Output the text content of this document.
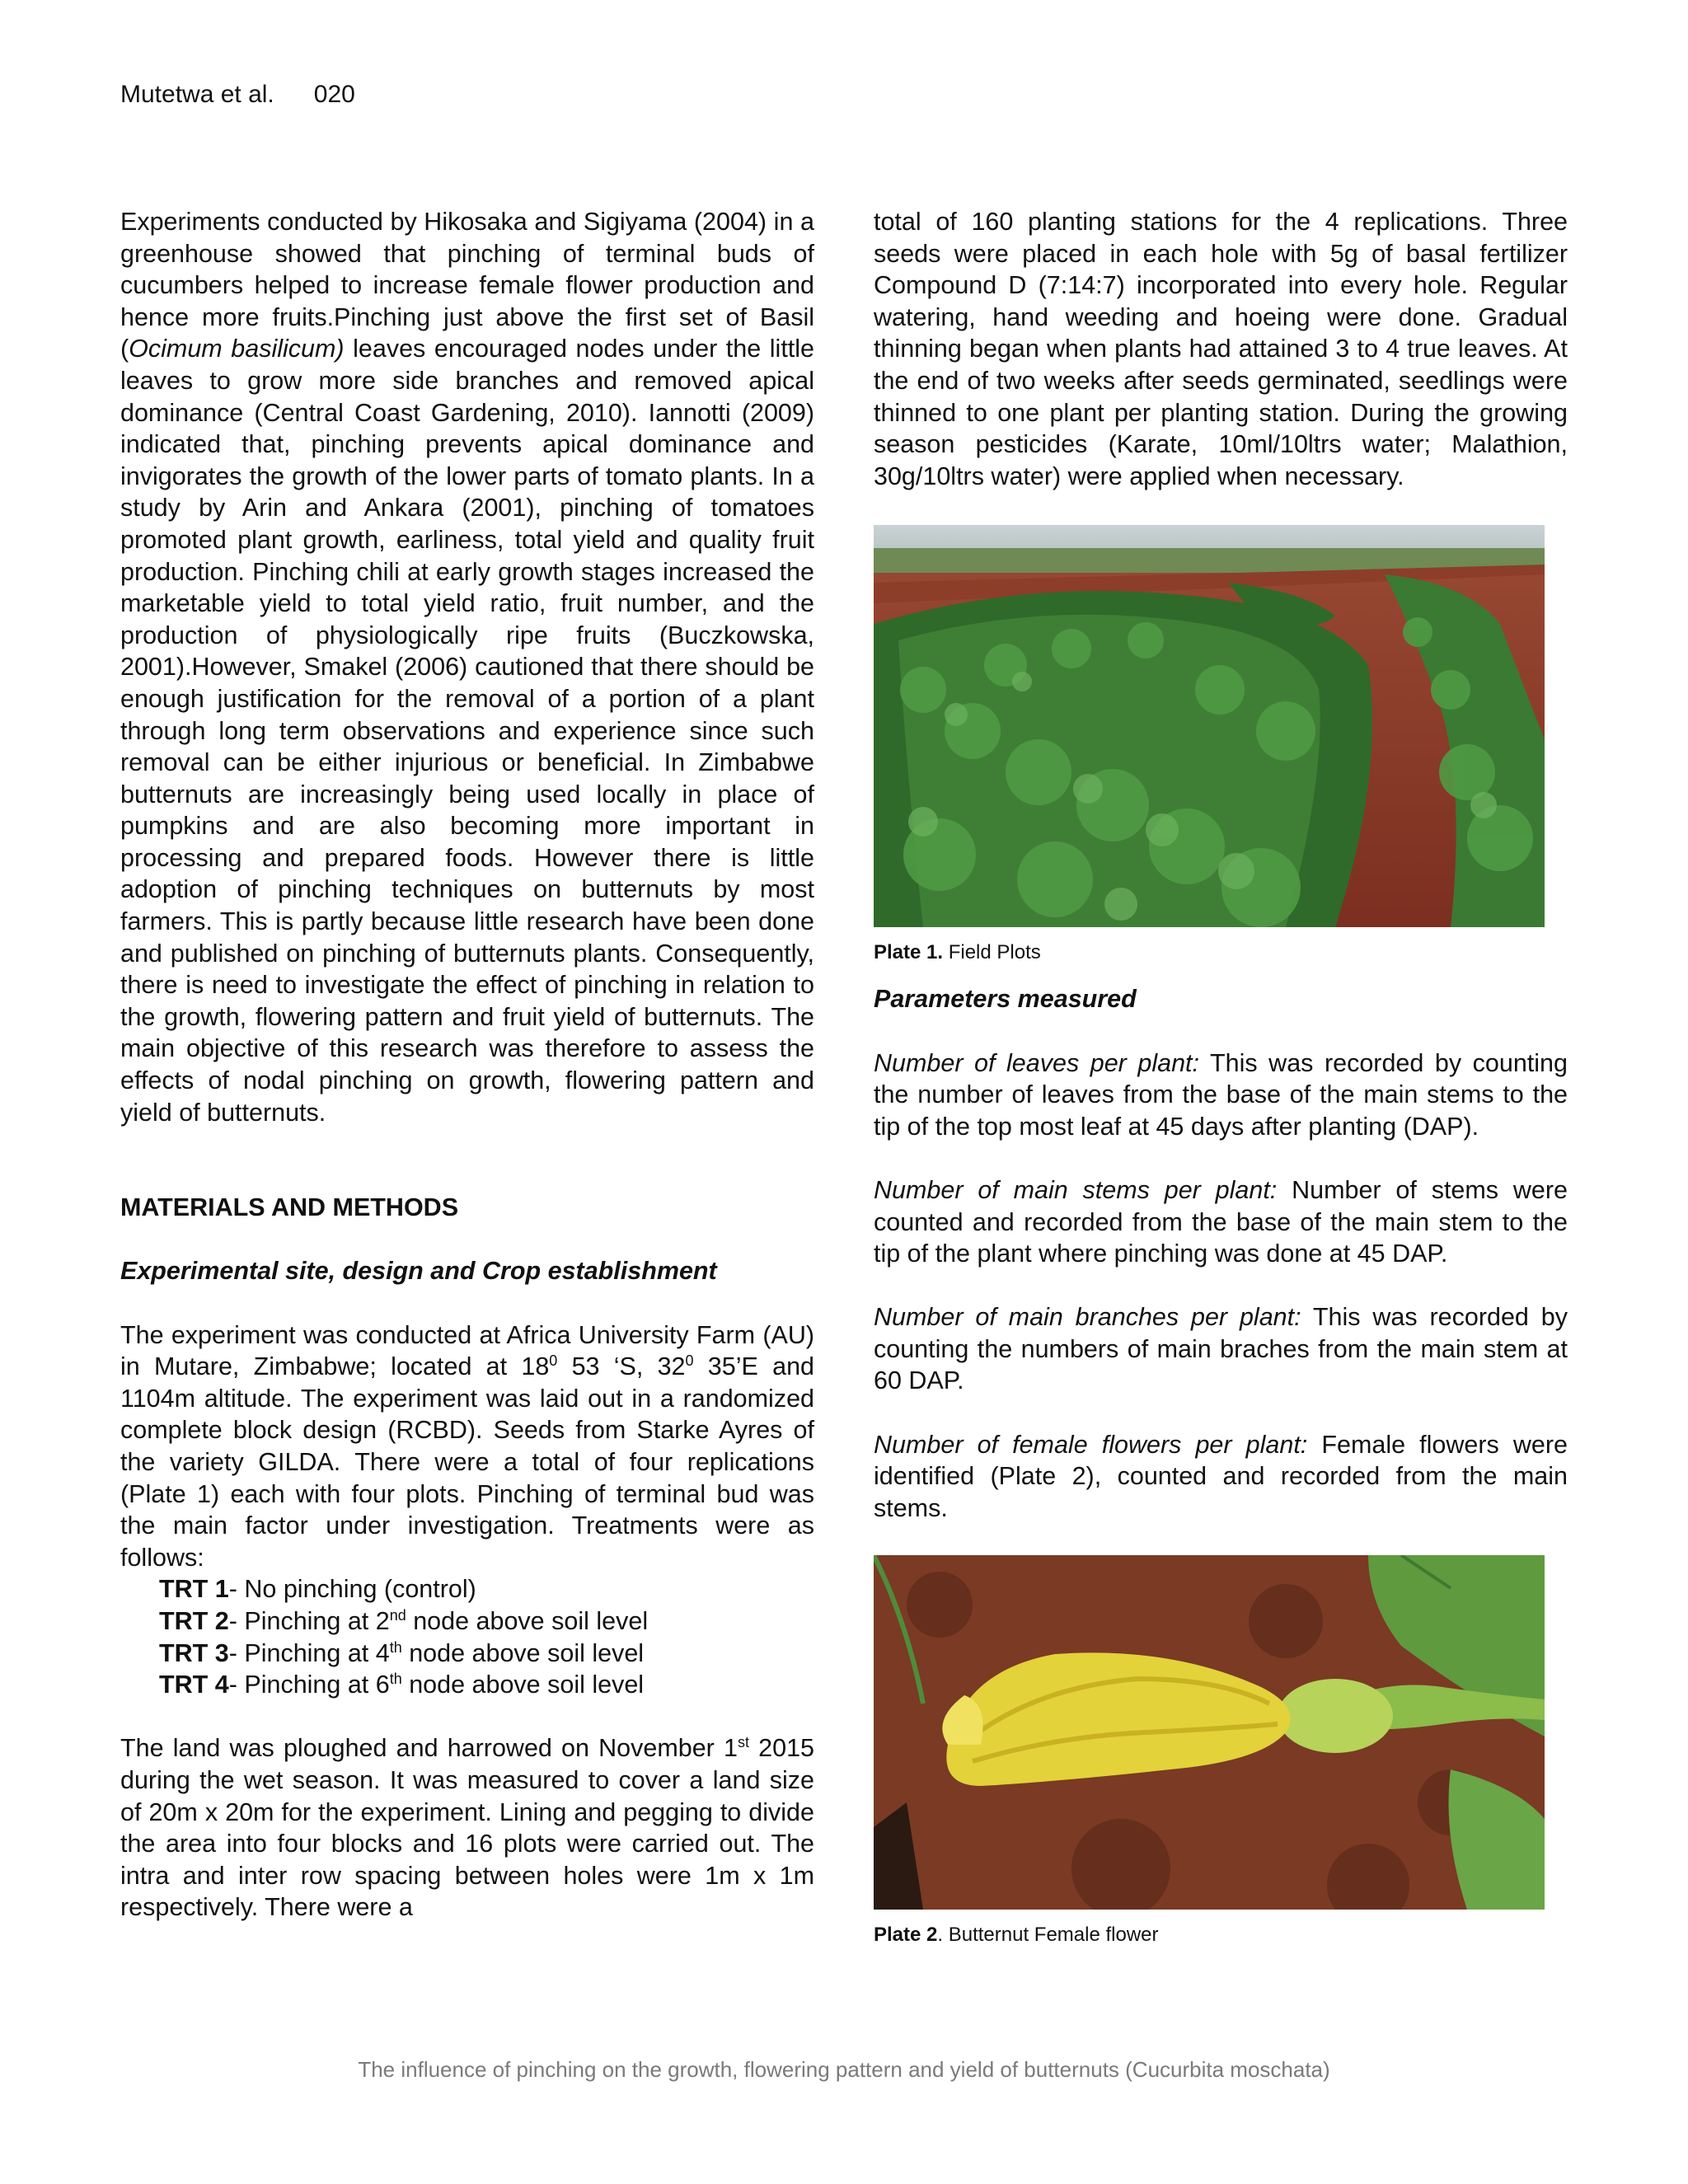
Mutetwa et al. 020

Experiments conducted by Hikosaka and Sigiyama (2004) in a greenhouse showed that pinching of terminal buds of cucumbers helped to increase female flower production and hence more fruits.Pinching just above the first set of Basil (Ocimum basilicum) leaves encouraged nodes under the little leaves to grow more side branches and removed apical dominance (Central Coast Gardening, 2010). Iannotti (2009) indicated that, pinching prevents apical dominance and invigorates the growth of the lower parts of tomato plants. In a study by Arin and Ankara (2001), pinching of tomatoes promoted plant growth, earliness, total yield and quality fruit production. Pinching chili at early growth stages increased the marketable yield to total yield ratio, fruit number, and the production of physiologically ripe fruits (Buczkowska, 2001).However, Smakel (2006) cautioned that there should be enough justification for the removal of a portion of a plant through long term observations and experience since such removal can be either injurious or beneficial. In Zimbabwe butternuts are increasingly being used locally in place of pumpkins and are also becoming more important in processing and prepared foods. However there is little adoption of pinching techniques on butternuts by most farmers. This is partly because little research have been done and published on pinching of butternuts plants. Consequently, there is need to investigate the effect of pinching in relation to the growth, flowering pattern and fruit yield of butternuts. The main objective of this research was therefore to assess the effects of nodal pinching on growth, flowering pattern and yield of butternuts.

MATERIALS AND METHODS

Experimental site, design and Crop establishment

The experiment was conducted at Africa University Farm (AU) in Mutare, Zimbabwe; located at $18^0$ 53 ‘S, $32^0$ 35’E and 1104m altitude. The experiment was laid out in a randomized complete block design (RCBD). Seeds from Starke Ayres of the variety GILDA. There were a total of four replications (Plate 1) each with four plots. Pinching of terminal bud was the main factor under investigation. Treatments were as follows:

TRT 1- No pinching (control)

TRT 2- Pinching at 2nd node above soil level

TRT 3- Pinching at 4th node above soil level

TRT 4- Pinching at 6th node above soil level

The land was ploughed and harrowed on November 1st 2015 during the wet season. It was measured to cover a land size of 20m x 20m for the experiment. Lining and pegging to divide the area into four blocks and 16 plots were carried out. The intra and inter row spacing between holes were 1m x 1m respectively. There were a

total of 160 planting stations for the 4 replications. Three seeds were placed in each hole with 5g of basal fertilizer Compound D (7:14:7) incorporated into every hole. Regular watering, hand weeding and hoeing were done. Gradual thinning began when plants had attained 3 to 4 true leaves. At the end of two weeks after seeds germinated, seedlings were thinned to one plant per planting station. During the growing season pesticides (Karate, 10ml/10ltrs water; Malathion, 30g/10ltrs water) were applied when necessary.

Plate 1. Field Plots

Parameters measured

Number of leaves per plant: This was recorded by counting the number of leaves from the base of the main stems to the tip of the top most leaf at 45 days after planting (DAP).

Number of main stems per plant: Number of stems were counted and recorded from the base of the main stem to the tip of the plant where pinching was done at 45 DAP.

Number of main branches per plant: This was recorded by counting the numbers of main braches from the main stem at 60 DAP.

Number of female flowers per plant: Female flowers were identified (Plate 2), counted and recorded from the main stems.

Plate 2. Butternut Female flower
The influence of pinching on the growth, flowering pattern and yield of butternuts (Cucurbita moschata)
